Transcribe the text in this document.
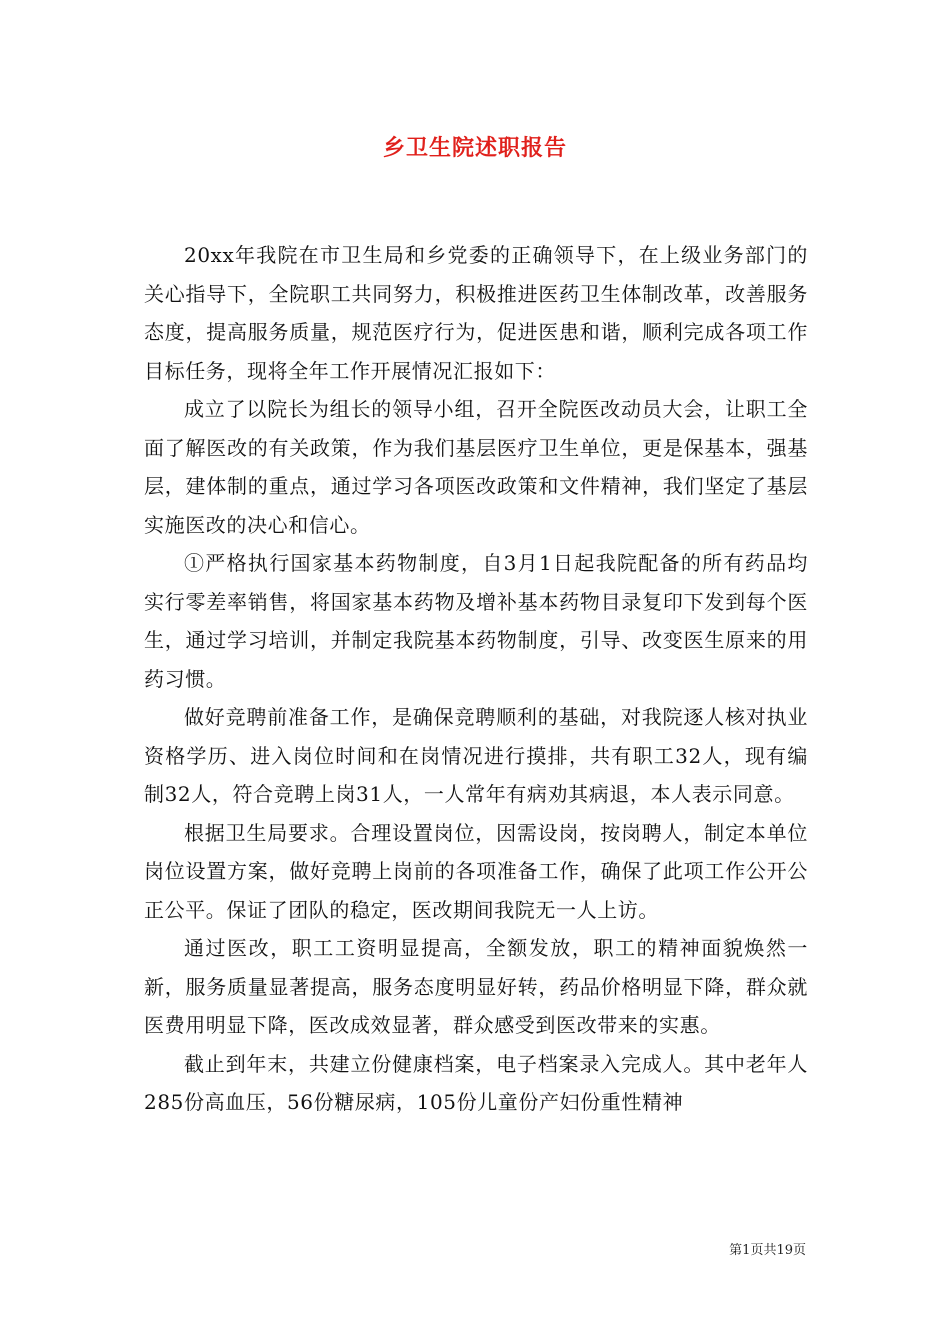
乡卫生院述职报告

20xx年我院在市卫生局和乡党委的正确领导下，在上级业务部门的关心指导下，全院职工共同努力，积极推进医药卫生体制改革，改善服务态度，提高服务质量，规范医疗行为，促进医患和谐，顺利完成各项工作目标任务，现将全年工作开展情况汇报如下：

成立了以院长为组长的领导小组，召开全院医改动员大会，让职工全面了解医改的有关政策，作为我们基层医疗卫生单位，更是保基本，强基层，建体制的重点，通过学习各项医改政策和文件精神，我们坚定了基层实施医改的决心和信心。

①严格执行国家基本药物制度，自3月1日起我院配备的所有药品均实行零差率销售，将国家基本药物及增补基本药物目录复印下发到每个医生，通过学习培训，并制定我院基本药物制度，引导、改变医生原来的用药习惯。

做好竞聘前准备工作，是确保竞聘顺利的基础，对我院逐人核对执业资格学历、进入岗位时间和在岗情况进行摸排，共有职工32人，现有编制32人，符合竞聘上岗31人，一人常年有病劝其病退，本人表示同意。

根据卫生局要求。合理设置岗位，因需设岗，按岗聘人，制定本单位岗位设置方案，做好竞聘上岗前的各项准备工作，确保了此项工作公开公正公平。保证了团队的稳定，医改期间我院无一人上访。

通过医改，职工工资明显提高，全额发放，职工的精神面貌焕然一新，服务质量显著提高，服务态度明显好转，药品价格明显下降，群众就医费用明显下降，医改成效显著，群众感受到医改带来的实惠。

截止到年末，共建立份健康档案，电子档案录入完成人。其中老年人285份高血压，56份糖尿病，105份儿童份产妇份重性精神

第1页共19页
